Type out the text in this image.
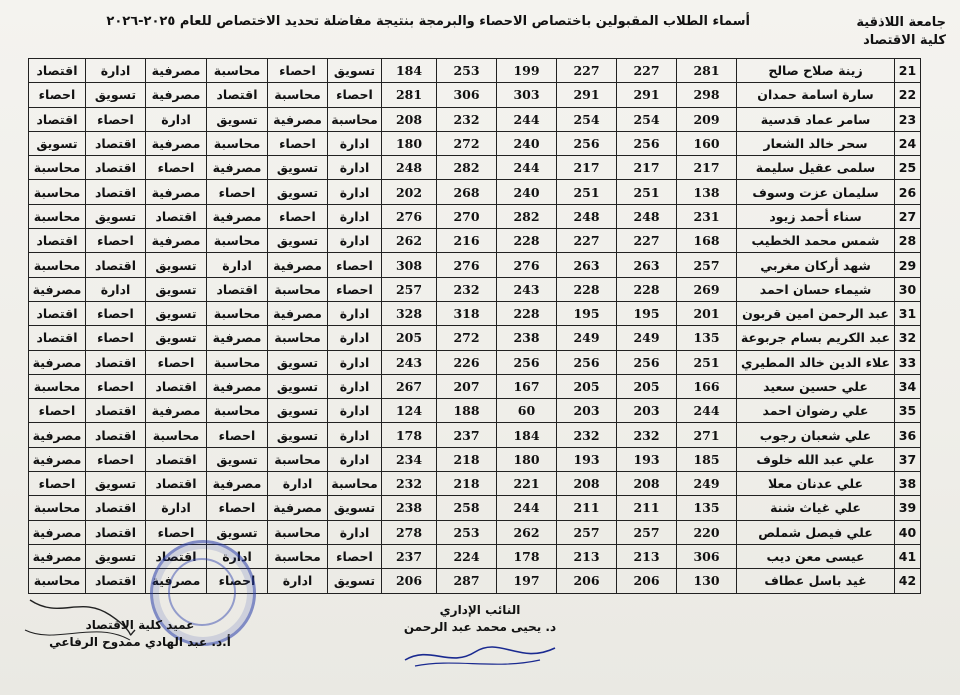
جامعة اللاذقية
كلية الاقتصاد
أسماء الطلاب المقبولين باختصاص الاحصاء والبرمجة بنتيجة مفاضلة تحديد الاختصاص للعام ٢٠٢٥-٢٠٢٦
21	زينة صلاح صالح	281	227	227	199	253	184	تسويق	احصاء	محاسبة	مصرفية	ادارة	اقتصاد
22	سارة اسامة حمدان	298	291	291	303	306	281	احصاء	محاسبة	اقتصاد	مصرفية	تسويق	احصاء
23	سامر عماد قدسية	209	254	254	244	232	208	محاسبة	مصرفية	تسويق	ادارة	احصاء	اقتصاد
24	سحر خالد الشعار	160	256	256	240	272	180	ادارة	احصاء	محاسبة	مصرفية	اقتصاد	تسويق
25	سلمى عقيل سليمة	217	217	217	244	282	248	ادارة	تسويق	مصرفية	احصاء	اقتصاد	محاسبة
26	سليمان عزت وسوف	138	251	251	240	268	202	ادارة	تسويق	احصاء	مصرفية	اقتصاد	محاسبة
27	سناء أحمد زيود	231	248	248	282	270	276	ادارة	احصاء	مصرفية	اقتصاد	تسويق	محاسبة
28	شمس محمد الخطيب	168	227	227	228	216	262	ادارة	تسويق	محاسبة	مصرفية	احصاء	اقتصاد
29	شهد أركان مغربي	257	263	263	276	276	308	احصاء	مصرفية	ادارة	تسويق	اقتصاد	محاسبة
30	شيماء حسان احمد	269	228	228	243	232	257	احصاء	محاسبة	اقتصاد	تسويق	ادارة	مصرفية
31	عبد الرحمن امين قربون	201	195	195	228	318	328	ادارة	مصرفية	محاسبة	تسويق	احصاء	اقتصاد
32	عبد الكريم بسام جربوعة	135	249	249	238	272	205	ادارة	محاسبة	مصرفية	تسويق	احصاء	اقتصاد
33	علاء الدين خالد المطيري	251	256	256	256	226	243	ادارة	تسويق	محاسبة	احصاء	اقتصاد	مصرفية
34	علي حسين سعيد	166	205	205	167	207	267	ادارة	تسويق	مصرفية	اقتصاد	احصاء	محاسبة
35	علي رضوان احمد	244	203	203	60	188	124	ادارة	تسويق	محاسبة	مصرفية	اقتصاد	احصاء
36	علي شعبان رجوب	271	232	232	184	237	178	ادارة	تسويق	احصاء	محاسبة	اقتصاد	مصرفية
37	علي عبد الله خلوف	185	193	193	180	218	234	ادارة	محاسبة	تسويق	اقتصاد	احصاء	مصرفية
38	علي عدنان معلا	249	208	208	221	218	232	محاسبة	ادارة	مصرفية	اقتصاد	تسويق	احصاء
39	علي غياث شنة	135	211	211	244	258	238	تسويق	مصرفية	احصاء	ادارة	اقتصاد	محاسبة
40	علي فيصل شملص	220	257	257	262	253	278	ادارة	محاسبة	تسويق	احصاء	اقتصاد	مصرفية
41	عيسى معن ديب	306	213	213	178	224	237	احصاء	محاسبة	ادارة	اقتصاد	تسويق	مصرفية
42	غيد باسل عطاف	130	206	206	197	287	206	تسويق	ادارة	احصاء	مصرفية	اقتصاد	محاسبة
النائب الإداري
د. يحيى محمد عبد الرحمن
عميد كلية الاقتصاد
أ.د. عبد الهادي ممدوح الرفاعي
